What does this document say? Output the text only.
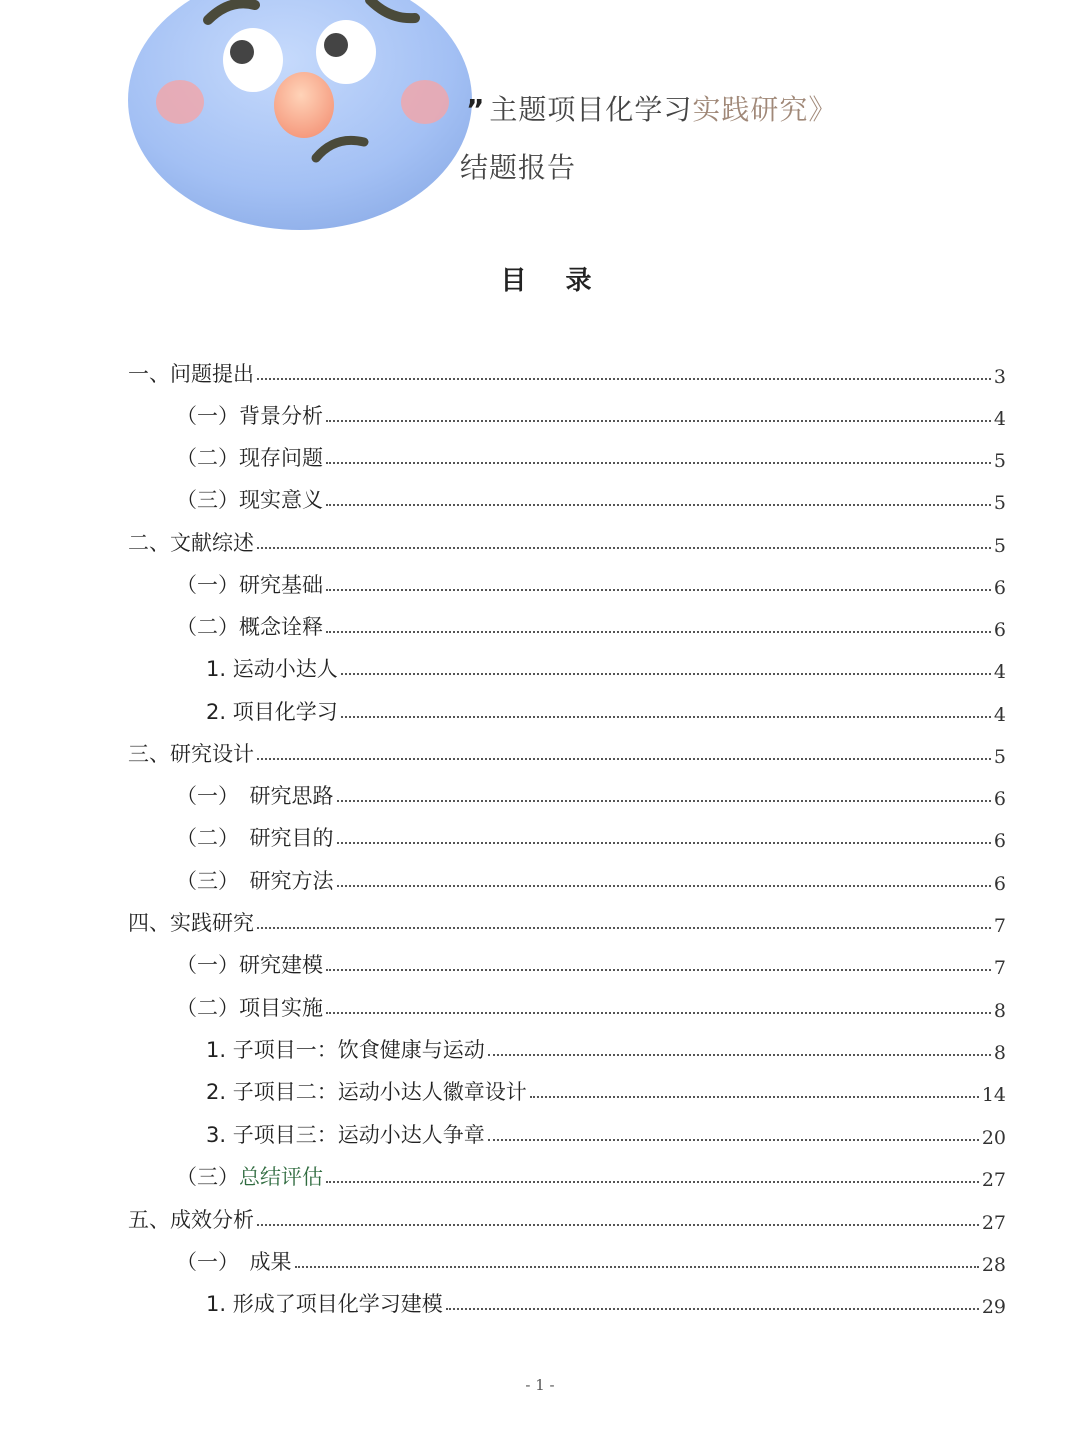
” 主题项目化学习实践研究》
结题报告
目 录
一、问题提出	3
（一）背景分析	4
（二）现存问题	5
（三）现实意义	5
二、文献综述	5
（一）研究基础	6
（二）概念诠释	6
1. 运动小达人	4
2. 项目化学习	4
三、研究设计	5
（一）　研究思路	6
（二）　研究目的	6
（三）　研究方法	6
四、实践研究	7
（一）研究建模	7
（二）项目实施	8
1. 子项目一：饮食健康与运动	8
2. 子项目二：运动小达人徽章设计	14
3. 子项目三：运动小达人争章	20
（三）总结评估	27
五、成效分析	27
（一）　成果	28
1. 形成了项目化学习建模	29
- 1 -
